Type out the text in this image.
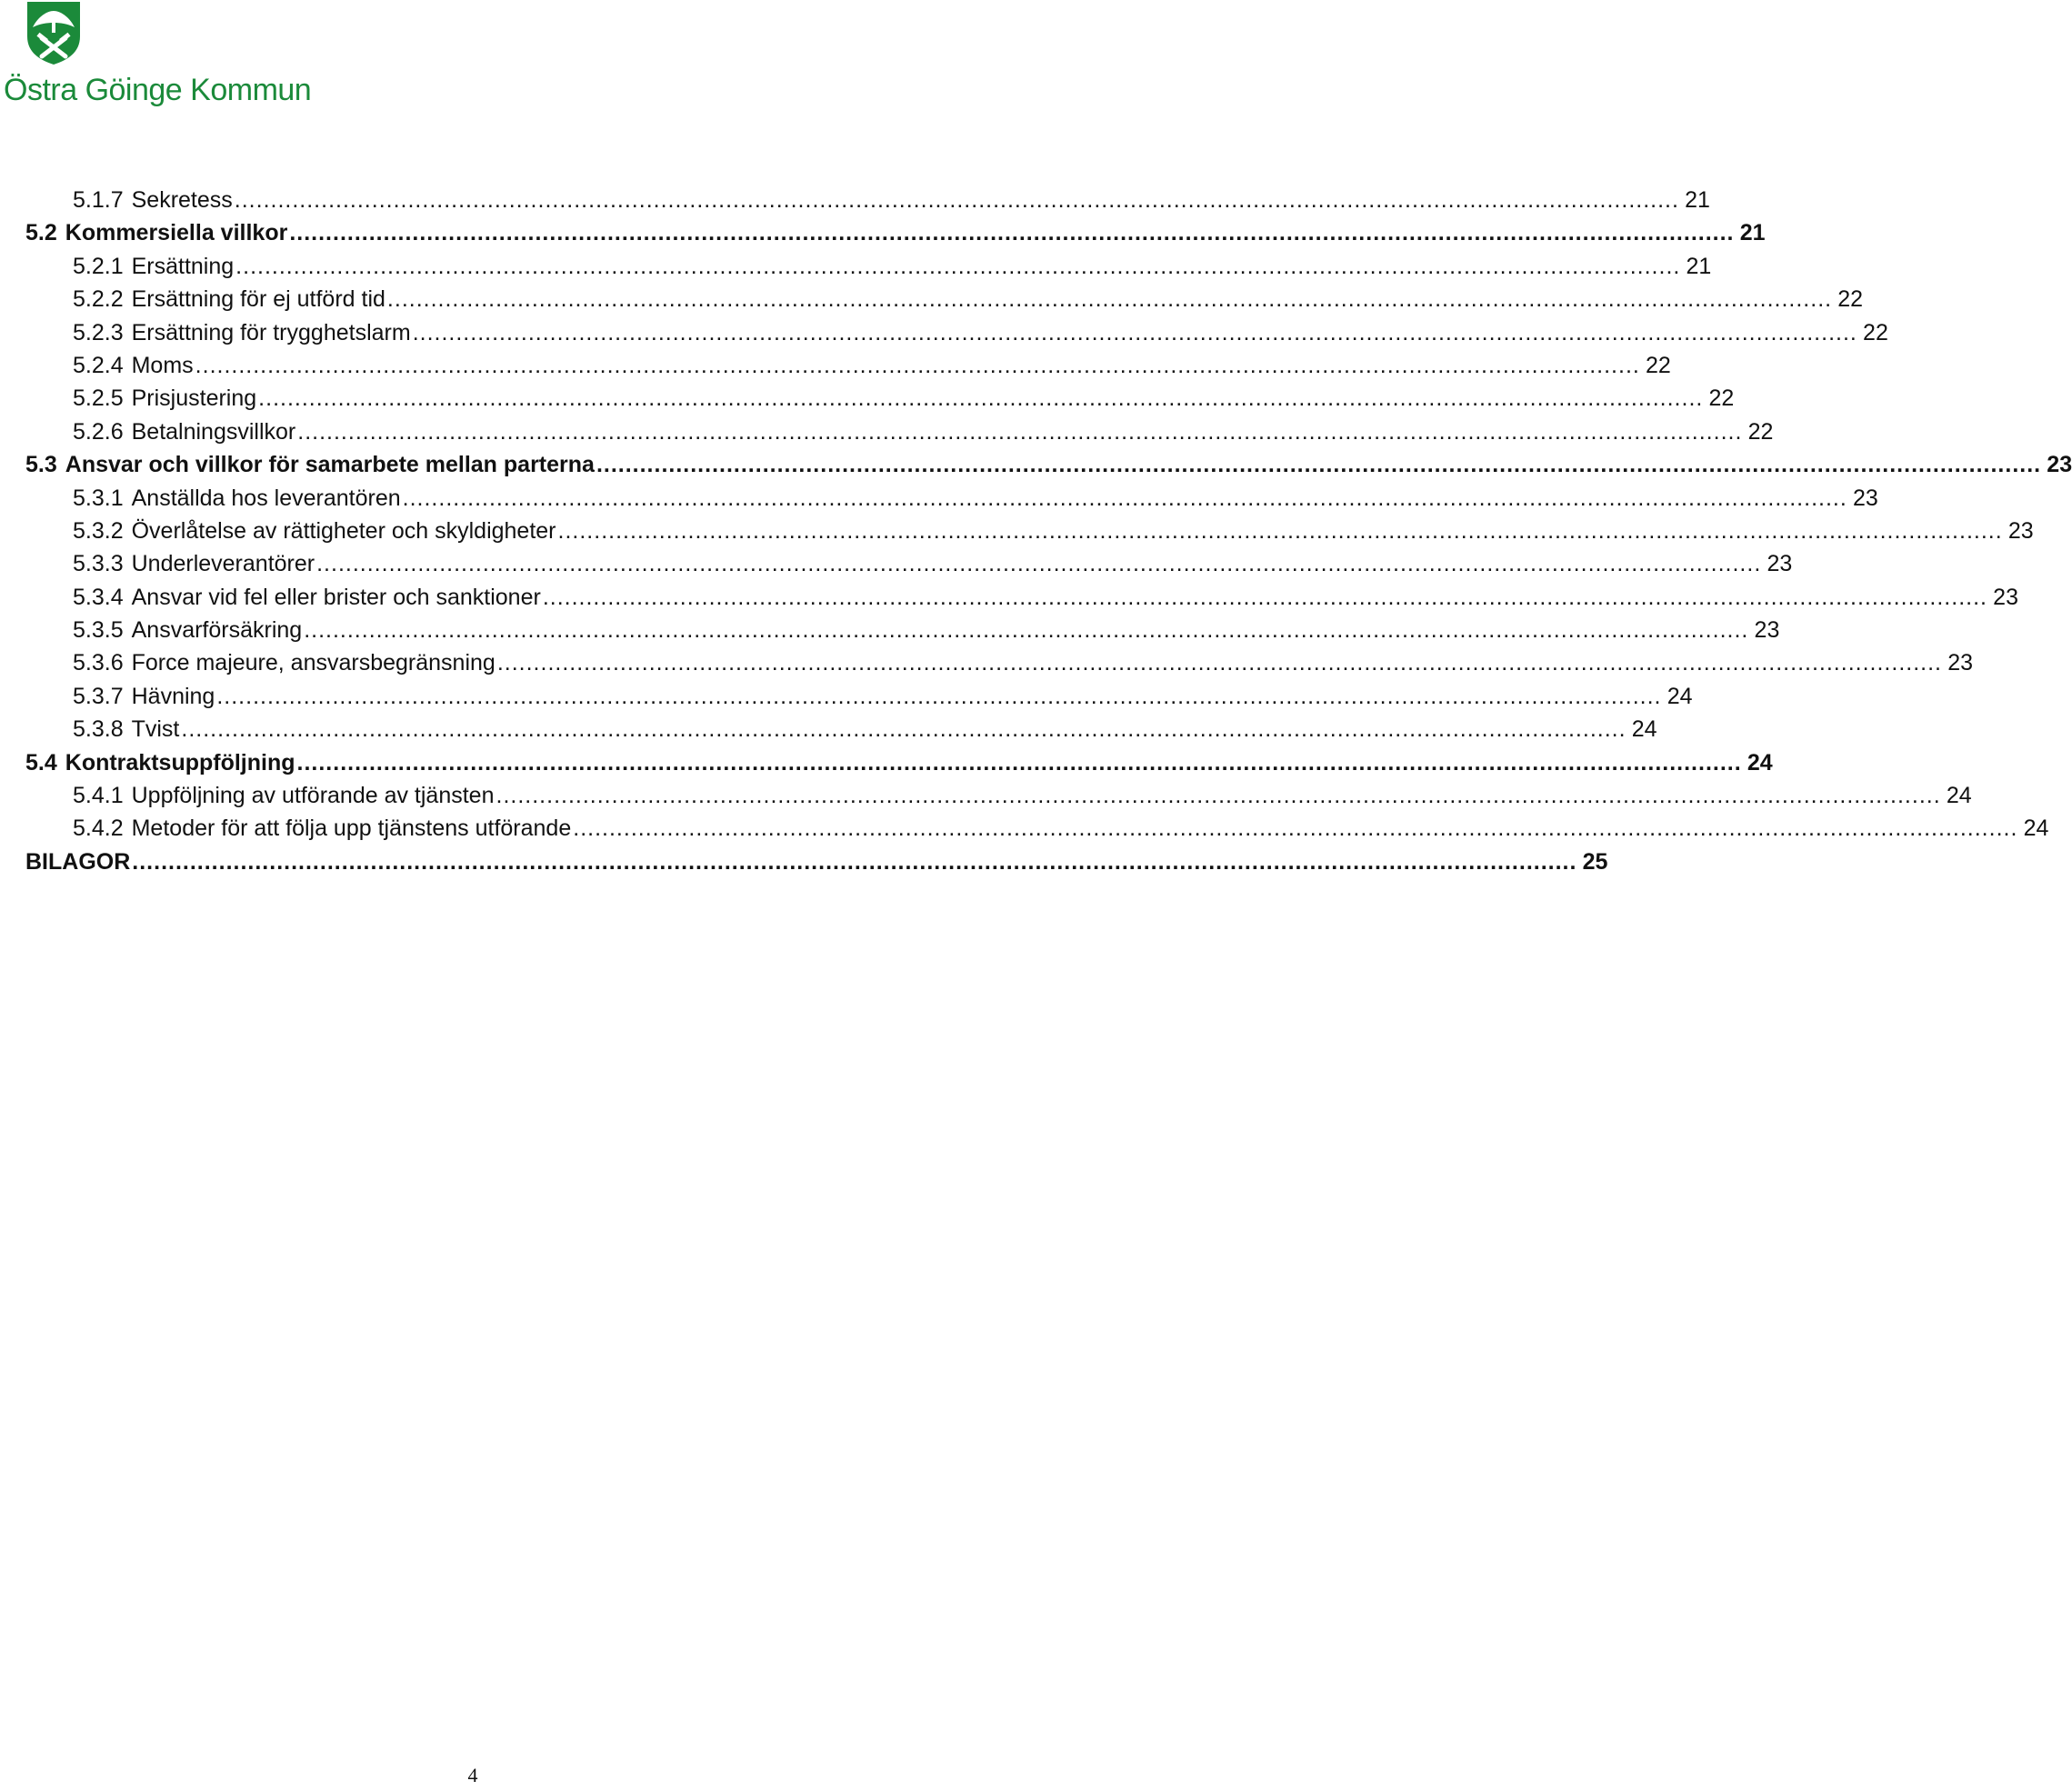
Östra Göinge Kommun
5.1.7 Sekretess ........................................................................................................................................................................................................ 21
5.2 Kommersiella villkor ........................................................................................................................................................................................................ 21
5.2.1 Ersättning ........................................................................................................................................................................................................ 21
5.2.2 Ersättning för ej utförd tid ........................................................................................................................................................................................................ 22
5.2.3 Ersättning för trygghetslarm ........................................................................................................................................................................................................ 22
5.2.4 Moms ........................................................................................................................................................................................................ 22
5.2.5 Prisjustering ........................................................................................................................................................................................................ 22
5.2.6 Betalningsvillkor ........................................................................................................................................................................................................ 22
5.3 Ansvar och villkor för samarbete mellan parterna ........................................................................................................................................................................................................ 23
5.3.1 Anställda hos leverantören ........................................................................................................................................................................................................ 23
5.3.2 Överlåtelse av rättigheter och skyldigheter ........................................................................................................................................................................................................ 23
5.3.3 Underleverantörer ........................................................................................................................................................................................................ 23
5.3.4 Ansvar vid fel eller brister och sanktioner ........................................................................................................................................................................................................ 23
5.3.5 Ansvarförsäkring ........................................................................................................................................................................................................ 23
5.3.6 Force majeure, ansvarsbegränsning ........................................................................................................................................................................................................ 23
5.3.7 Hävning ........................................................................................................................................................................................................ 24
5.3.8 Tvist ........................................................................................................................................................................................................ 24
5.4 Kontraktsuppföljning ........................................................................................................................................................................................................ 24
5.4.1 Uppföljning av utförande av tjänsten ........................................................................................................................................................................................................ 24
5.4.2 Metoder för att följa upp tjänstens utförande ........................................................................................................................................................................................................ 24
BILAGOR ........................................................................................................................................................................................................ 25
4
